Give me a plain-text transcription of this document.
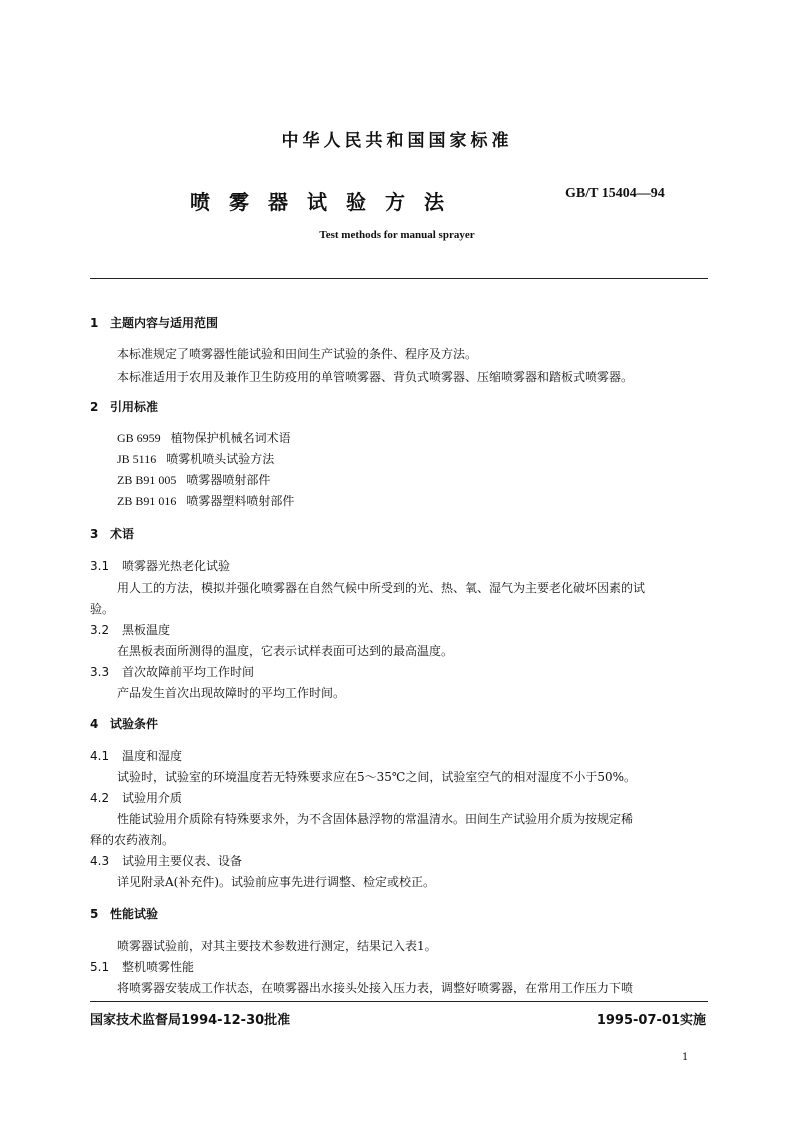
中华人民共和国国家标准
喷雾器试验方法	GB/T 15404—94
Test methods for manual sprayer
1 主题内容与适用范围
本标准规定了喷雾器性能试验和田间生产试验的条件、程序及方法。
本标准适用于农用及兼作卫生防疫用的单管喷雾器、背负式喷雾器、压缩喷雾器和踏板式喷雾器。
2 引用标准
GB 6959 植物保护机械名词术语
JB 5116 喷雾机喷头试验方法
ZB B91 005 喷雾器喷射部件
ZB B91 016 喷雾器塑料喷射部件
3 术语
3.1 喷雾器光热老化试验
用人工的方法，模拟并强化喷雾器在自然气候中所受到的光、热、氧、湿气为主要老化破坏因素的试
验。
3.2 黑板温度
在黑板表面所测得的温度，它表示试样表面可达到的最高温度。
3.3 首次故障前平均工作时间
产品发生首次出现故障时的平均工作时间。
4 试验条件
4.1 温度和湿度
试验时，试验室的环境温度若无特殊要求应在5～35℃之间，试验室空气的相对湿度不小于50%。
4.2 试验用介质
性能试验用介质除有特殊要求外，为不含固体悬浮物的常温清水。田间生产试验用介质为按规定稀
释的农药液剂。
4.3 试验用主要仪表、设备
详见附录A(补充件)。试验前应事先进行调整、检定或校正。
5 性能试验
喷雾器试验前，对其主要技术参数进行测定，结果记入表1。
5.1 整机喷雾性能
将喷雾器安装成工作状态，在喷雾器出水接头处接入压力表，调整好喷雾器，在常用工作压力下喷
国家技术监督局1994-12-30批准	1995-07-01实施
1
